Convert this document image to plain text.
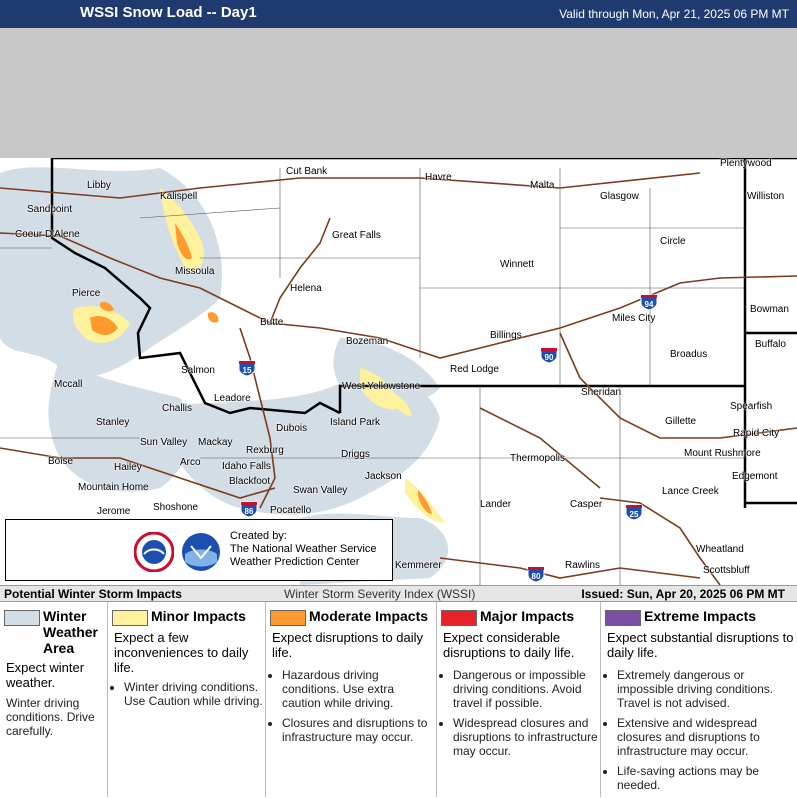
WSSI Snow Load -- Day1	Valid through Mon, Apr 21, 2025 06 PM MT
Plentywood
Williston
Cut Bank
Havre
Malta
Glasgow
Libby
Kalispell
Sandpoint
Coeur D'Alene	Great Falls
Circle
Winnett
Missoula
Helena
Pierce
Bowman
Miles City
Butte
Billings
Buffalo
Bozeman
Broadus
Salmon	Red Lodge
Mccall	West Yellowstone
Sheridan
Leadore
Challis	Spearfish
Stanley	Island Park
Dubois
Gillette
Rapid City
Mackay
Sun Valley
Rexburg	Mount Rushmore
Driggs
Arco Idaho Falls
Thermopolis
Boise
Hailey
Edgemont
Jackson
Blackfoot
Mountain Home	Swan Valley	Lance Creek
Shoshone	Lander	Casper
Jerome	Pocatello
Wheatland
Scottsbluff
Rawlins
Kemmerer
15
94
90
86	25
80
Created by:
The National Weather Service
Weather Prediction Center
Potential Winter Storm Impacts	Winter Storm Severity Index (WSSI)	Issued: Sun, Apr 20, 2025 06 PM MT
Winter Weather Area
Expect winter weather.
Winter driving conditions. Drive carefully.
Minor Impacts
Expect a few inconveniences to daily life.
• Winter driving conditions. Use Caution while driving.
Moderate Impacts
Expect disruptions to daily life.
• Hazardous driving conditions. Use extra caution while driving.
• Closures and disruptions to infrastructure may occur.
Major Impacts
Expect considerable disruptions to daily life.
• Dangerous or impossible driving conditions. Avoid travel if possible.
• Widespread closures and disruptions to infrastructure may occur.
Extreme Impacts
Expect substantial disruptions to daily life.
• Extremely dangerous or impossible driving conditions. Travel is not advised.
• Extensive and widespread closures and disruptions to infrastructure may occur.
• Life-saving actions may be needed.
